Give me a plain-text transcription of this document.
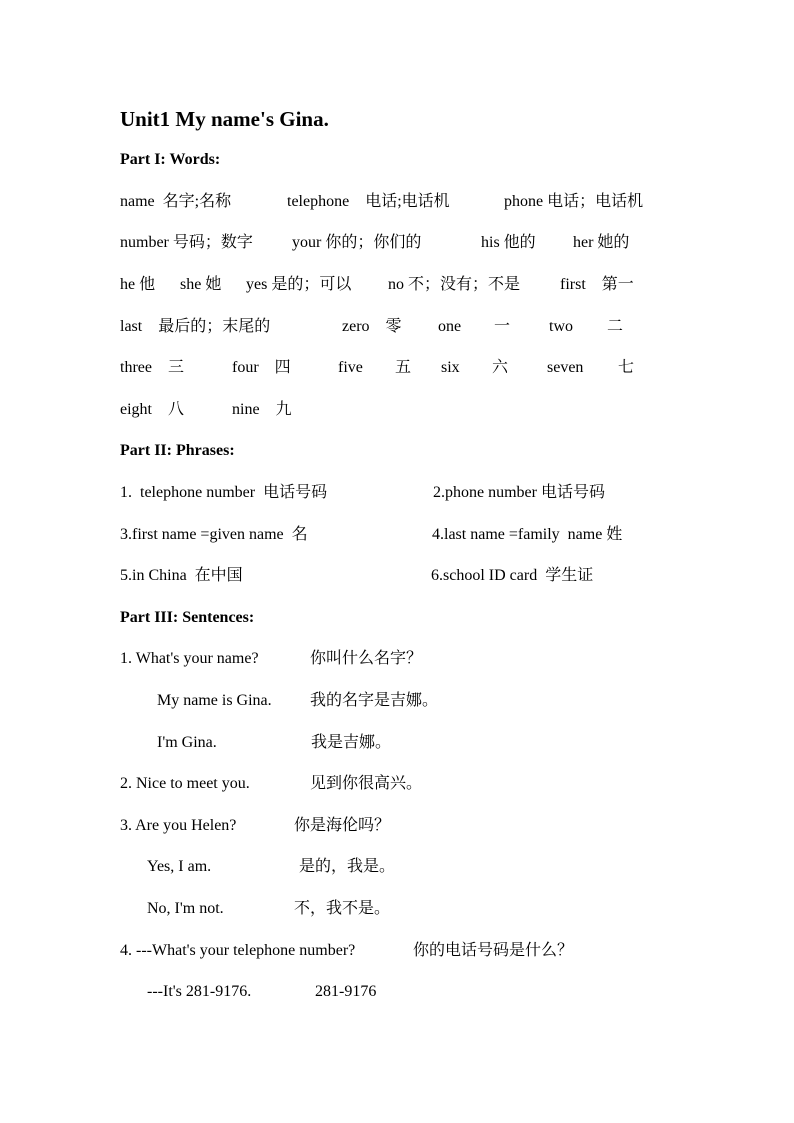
Unit1 My name's Gina.
Part I: Words:
name  名字;名称	telephone    电话;电话机	phone 电话；电话机
number 号码；数字 your 你的；你们的	his 他的 her 她的
he 他 she 她 yes 是的；可以 no 不；没有；不是 first    第一
last    最后的；末尾的	zero    零 one 一 two 二
three    三	four    四	five 五 six 六 seven 七
eight    八	nine    九
Part II: Phrases:
1.  telephone number  电话号码	2.phone number 电话号码
3.first name =given name  名	4.last name =family  name 姓
5.in China  在中国	6.school ID card  学生证
Part III: Sentences:
1. What's your name?	你叫什么名字？
My name is Gina. 我的名字是吉娜。
I'm Gina.	我是吉娜。
2. Nice to meet you.	见到你很高兴。
3. Are you Helen?	你是海伦吗？
Yes, I am.	是的，我是。
No, I'm not.	不，我不是。
4. ---What's your telephone number?	你的电话号码是什么？
---It's 281-9176.	281-9176
